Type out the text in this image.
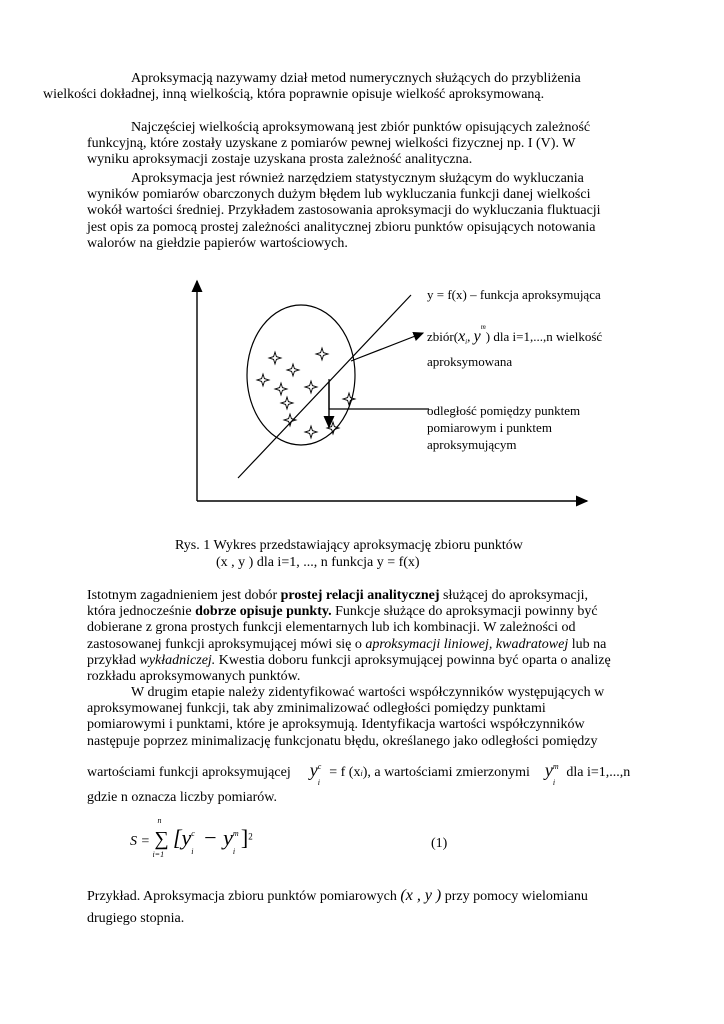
Aproksymacją nazywamy dział metod numerycznych służących do przybliżenia
wielkości dokładnej, inną wielkością, która poprawnie opisuje wielkość aproksymowaną.

Najczęściej wielkością aproksymowaną jest zbiór punktów opisujących zależność
funkcyjną, które zostały uzyskane z pomiarów pewnej wielkości fizycznej np. I (V). W
wyniku aproksymacji zostaje uzyskana prosta zależność analityczna.

Aproksymacja jest również narzędziem statystycznym służącym do wykluczania
wyników pomiarów obarczonych dużym błędem lub wykluczania funkcji danej wielkości
wokół wartości średniej. Przykładem zastosowania aproksymacji do wykluczania fluktuacji
jest opis za pomocą prostej zależności analitycznej zbioru punktów opisujących notowania
walorów na giełdzie papierów wartościowych.

y = f(x) – funkcja aproksymująca
$zbiór(x_i$, $y^m$) dla i=1,...,n wielkość
aproksymowana
odległość pomiędzy punktem
pomiarowym i punktem
aproksymującym
Rys. 1 Wykres przedstawiający aproksymację zbioru punktów
(x , y ) dla i=1, ..., n funkcja y = f(x)

Istotnym zagadnieniem jest dobór prostej relacji analitycznej służącej do aproksymacji,
która jednocześnie dobrze opisuje punkty. Funkcje służące do aproksymacji powinny być
dobierane z grona prostych funkcji elementarnych lub ich kombinacji. W zależności od
zastosowanej funkcji aproksymującej mówi się o aproksymacji liniowej, kwadratowej lub na
przykład wykładniczej. Kwestia doboru funkcji aproksymującej powinna być oparta o analizę
rozkładu aproksymowanych punktów.

W drugim etapie należy zidentyfikować wartości współczynników występujących w
aproksymowanej funkcji, tak aby zminimalizować odległości pomiędzy punktami
pomiarowymi i punktami, które je aproksymują. Identyfikacja wartości współczynników
następuje poprzez minimalizację funkcjonatu błędu, określanego jako odległości pomiędzy

wartościami funkcji aproksymującej y c
i
= f (xi), a wartościami zmierzonymi y m
i
dla i=1,...,n

gdzie n oznacza liczby pomiarów.

S =
n
∑
i=1
[y c
i
− y m
i
]$^2$	(1)
Przykład. Aproksymacja zbioru punktów pomiarowych (x , y ) przy pomocy wielomianu

drugiego stopnia.
